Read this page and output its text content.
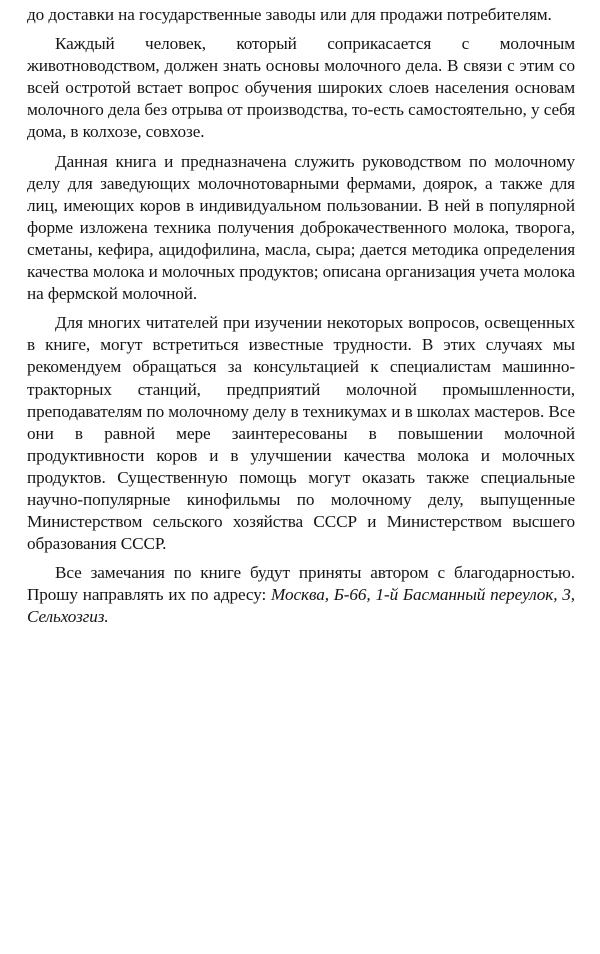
до доставки на государственные заводы или для продажи потребителям.

Каждый человек, который соприкасается с молочным животноводством, должен знать основы молочного дела. В связи с этим со всей остротой встает вопрос обучения широких слоев населения основам молочного дела без отрыва от производства, то-есть самостоятельно, у себя дома, в колхозе, совхозе.

Данная книга и предназначена служить руководством по молочному делу для заведующих молочнотоварными фермами, доярок, а также для лиц, имеющих коров в индивидуальном пользовании. В ней в популярной форме изложена техника получения доброкачественного молока, творога, сметаны, кефира, ацидофилина, масла, сыра; дается методика определения качества молока и молочных продуктов; описана организация учета молока на фермской молочной.

Для многих читателей при изучении некоторых вопросов, освещенных в книге, могут встретиться известные трудности. В этих случаях мы рекомендуем обращаться за консультацией к специалистам машинно-тракторных станций, предприятий молочной промышленности, преподавателям по молочному делу в техникумах и в школах мастеров. Все они в равной мере заинтересованы в повышении молочной продуктивности коров и в улучшении качества молока и молочных продуктов. Существенную помощь могут оказать также специальные научно-популярные кинофильмы по молочному делу, выпущенные Министерством сельского хозяйства СССР и Министерством высшего образования СССР.

Все замечания по книге будут приняты автором с благодарностью. Прошу направлять их по адресу: Москва, Б-66, 1-й Басманный переулок, 3, Сельхозгиз.
